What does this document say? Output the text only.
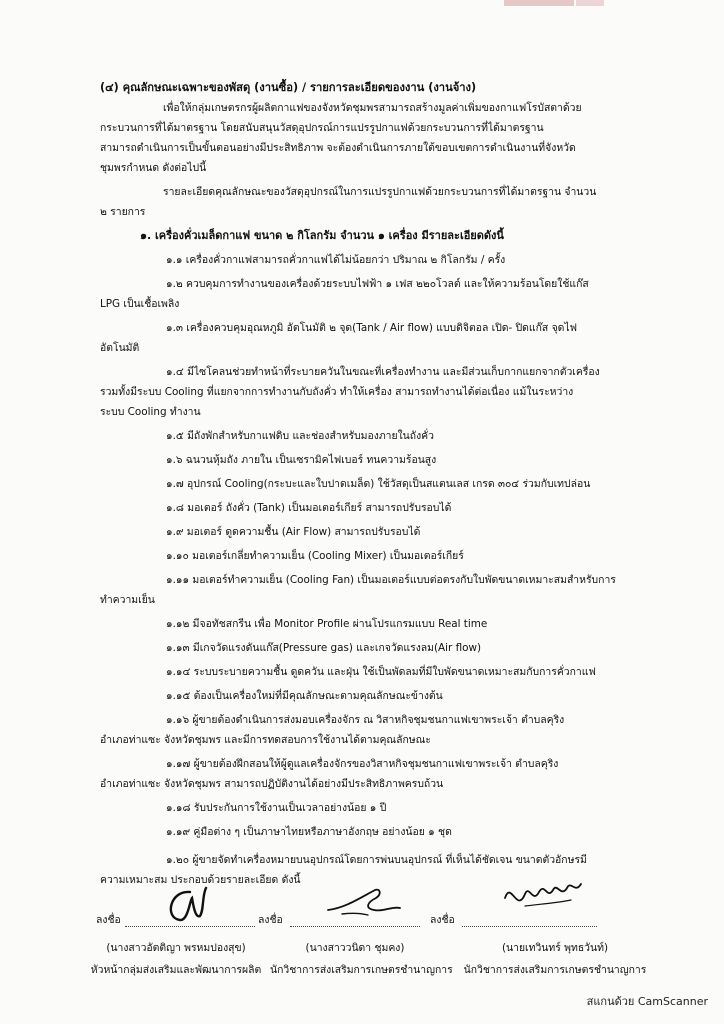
(๔) คุณลักษณะเฉพาะของพัสดุ (งานซื้อ) / รายการละเอียดของงาน (งานจ้าง)
เพื่อให้กลุ่มเกษตรกรผู้ผลิตกาแฟของจังหวัดชุมพรสามารถสร้างมูลค่าเพิ่มของกาแฟโรบัสตาด้วย
กระบวนการที่ได้มาตรฐาน โดยสนับสนุนวัสดุอุปกรณ์การแปรรูปกาแฟด้วยกระบวนการที่ได้มาตรฐาน
สามารถดำเนินการเป็นขั้นตอนอย่างมีประสิทธิภาพ จะต้องดำเนินการภายใต้ขอบเขตการดำเนินงานที่จังหวัด
ชุมพรกำหนด ดังต่อไปนี้
รายละเอียดคุณลักษณะของวัสดุอุปกรณ์ในการแปรรูปกาแฟด้วยกระบวนการที่ได้มาตรฐาน จำนวน
๒ รายการ
๑. เครื่องคั่วเมล็ดกาแฟ ขนาด ๒ กิโลกรัม จำนวน ๑ เครื่อง มีรายละเอียดดังนี้
๑.๑ เครื่องคั่วกาแฟสามารถคั่วกาแฟได้ไม่น้อยกว่า ปริมาณ ๒ กิโลกรัม / ครั้ง
๑.๒ ควบคุมการทำงานของเครื่องด้วยระบบไฟฟ้า ๑ เฟส ๒๒๐โวลต์ และให้ความร้อนโดยใช้แก๊ส
LPG เป็นเชื้อเพลิง
๑.๓ เครื่องควบคุมอุณหภูมิ อัตโนมัติ ๒ จุด(Tank / Air flow) แบบดิจิตอล เปิด- ปิดแก๊ส จุดไฟ
อัตโนมัติ
๑.๔ มีไซโคลนช่วยทำหน้าที่ระบายควันในขณะที่เครื่องทำงาน และมีส่วนเก็บกากแยกจากตัวเครื่อง
รวมทั้งมีระบบ Cooling ที่แยกจากการทำงานกับถังคั่ว ทำให้เครื่อง สามารถทำงานได้ต่อเนื่อง แม้ในระหว่าง
ระบบ Cooling ทำงาน
๑.๕ มีถังพักสำหรับกาแฟดิบ และช่องสำหรับมองภายในถังคั่ว
๑.๖ ฉนวนหุ้มถัง ภายใน เป็นเซรามิคไฟเบอร์ ทนความร้อนสูง
๑.๗ อุปกรณ์ Cooling(กระบะและใบปาดเมล็ด) ใช้วัสดุเป็นสแตนเลส เกรด ๓๐๔ ร่วมกับเทปล่อน
๑.๘ มอเตอร์ ถังคั่ว (Tank) เป็นมอเตอร์เกียร์ สามารถปรับรอบได้
๑.๙ มอเตอร์ ดูดความชื้น (Air Flow) สามารถปรับรอบได้
๑.๑๐ มอเตอร์เกลี่ยทำความเย็น (Cooling Mixer) เป็นมอเตอร์เกียร์
๑.๑๑ มอเตอร์ทำความเย็น (Cooling Fan) เป็นมอเตอร์แบบต่อตรงกับใบพัดขนาดเหมาะสมสำหรับการ
ทำความเย็น
๑.๑๒ มีจอทัชสกรีน เพื่อ Monitor Profile ผ่านโปรแกรมแบบ Real time
๑.๑๓ มีเกจวัดแรงดันแก๊ส(Pressure gas) และเกจวัดแรงลม(Air flow)
๑.๑๔ ระบบระบายความชื้น ดูดควัน และฝุ่น ใช้เป็นพัดลมที่มีใบพัดขนาดเหมาะสมกับการคั่วกาแฟ
๑.๑๕ ต้องเป็นเครื่องใหม่ที่มีคุณลักษณะตามคุณลักษณะข้างต้น
๑.๑๖ ผู้ขายต้องดำเนินการส่งมอบเครื่องจักร ณ วิสาหกิจชุมชนกาแฟเขาพระเจ้า ตำบลคุริง
อำเภอท่าแซะ จังหวัดชุมพร และมีการทดสอบการใช้งานได้ตามคุณลักษณะ
๑.๑๗ ผู้ขายต้องฝึกสอนให้ผู้ดูแลเครื่องจักรของวิสาหกิจชุมชนกาแฟเขาพระเจ้า ตำบลคุริง
อำเภอท่าแซะ จังหวัดชุมพร สามารถปฏิบัติงานได้อย่างมีประสิทธิภาพครบถ้วน
๑.๑๘ รับประกันการใช้งานเป็นเวลาอย่างน้อย ๑ ปี
๑.๑๙ คู่มือต่าง ๆ เป็นภาษาไทยหรือภาษาอังกฤษ อย่างน้อย ๑ ชุด
๑.๒๐ ผู้ขายจัดทำเครื่องหมายบนอุปกรณ์โดยการพ่นบนอุปกรณ์ ที่เห็นได้ชัดเจน ขนาดตัวอักษรมี
ความเหมาะสม ประกอบด้วยรายละเอียด ดังนี้
ลงชื่อ	ลงชื่อ	ลงชื่อ
(นางสาวอัตติญา พรหมปองสุข)
หัวหน้ากลุ่มส่งเสริมและพัฒนาการผลิต
(นางสาววนิดา ชุมคง)
นักวิชาการส่งเสริมการเกษตรชำนาญการ
(นายเทวินทร์ พุทธวันท์)
นักวิชาการส่งเสริมการเกษตรชำนาญการ
สแกนด้วย CamScanner
